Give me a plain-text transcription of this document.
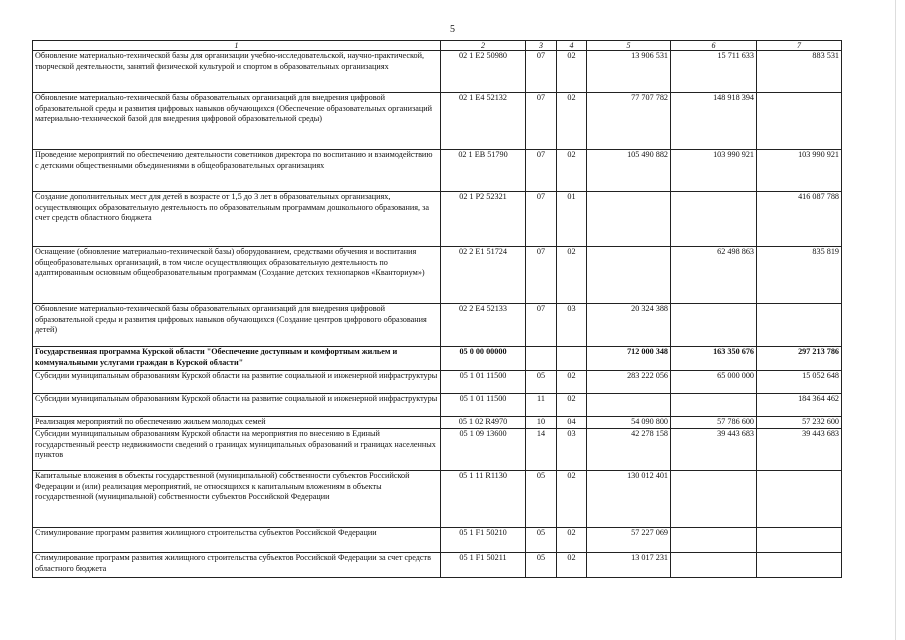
5
1	2	3	4	5	6	7
Обновление материально-технической базы для организации учебно-исследовательской, научно-практической, творческой деятельности, занятий физической культурой и спортом в образовательных организациях	02 1 E2 50980	07	02	13 906 531	15 711 633	883 531
Обновление материально-технической базы образовательных организаций для внедрения цифровой образовательной среды и развития цифровых навыков обучающихся (Обеспечение образовательных организаций материально-технической базой для внедрения цифровой образовательной среды)	02 1 E4 52132	07	02	77 707 782	148 918 394	
Проведение мероприятий по обеспечению деятельности советников директора по воспитанию и взаимодействию с детскими общественными объединениями в общеобразовательных организациях	02 1 EВ 51790	07	02	105 490 882	103 990 921	103 990 921
Создание дополнительных мест для детей в возрасте от 1,5 до 3 лет в образовательных организациях, осуществляющих образовательную деятельность по образовательным программам дошкольного образования, за счет средств областного бюджета	02 1 P2 52321	07	01			416 087 788
Оснащение (обновление материально-технической базы) оборудованием, средствами обучения и воспитания общеобразовательных организаций, в том числе осуществляющих образовательную деятельность по адаптированным основным общеобразовательным программам (Создание детских технопарков «Кванториум»)	02 2 E1 51724	07	02		62 498 863	835 819
Обновление материально-технической базы образовательных организаций для внедрения цифровой образовательной среды и развития цифровых навыков обучающихся (Создание центров цифрового образования детей)	02 2 E4 52133	07	03	20 324 388		
Государственная программа Курской области "Обеспечение доступным и комфортным жильем и коммунальными услугами граждан в Курской области"	05 0 00 00000			712 000 348	163 350 676	297 213 786
Субсидии муниципальным образованиям Курской области на развитие социальной и инженерной инфраструктуры	05 1 01 11500	05	02	283 222 056	65 000 000	15 052 648
Субсидии муниципальным образованиям Курской области на развитие социальной и инженерной инфраструктуры	05 1 01 11500	11	02			184 364 462
Реализация мероприятий по обеспечению жильем молодых семей	05 1 02 R4970	10	04	54 090 800	57 786 600	57 232 600
Субсидии муниципальным образованиям Курской области на мероприятия по внесению в Единый государственный реестр недвижимости сведений о границах муниципальных образований и границах населенных пунктов	05 1 09 13600	14	03	42 278 158	39 443 683	39 443 683
Капитальные вложения в объекты государственной (муниципальной) собственности субъектов Российской Федерации и (или) реализация мероприятий, не относящихся к капитальным вложениям в объекты государственной (муниципальной) собственности субъектов Российской Федерации	05 1 11 R1130	05	02	130 012 401		
Стимулирование программ развития жилищного строительства субъектов Российской Федерации	05 1 F1 50210	05	02	57 227 069		
Стимулирование программ развития жилищного строительства субъектов Российской Федерации за счет средств областного бюджета	05 1 F1 50211	05	02	13 017 231		
